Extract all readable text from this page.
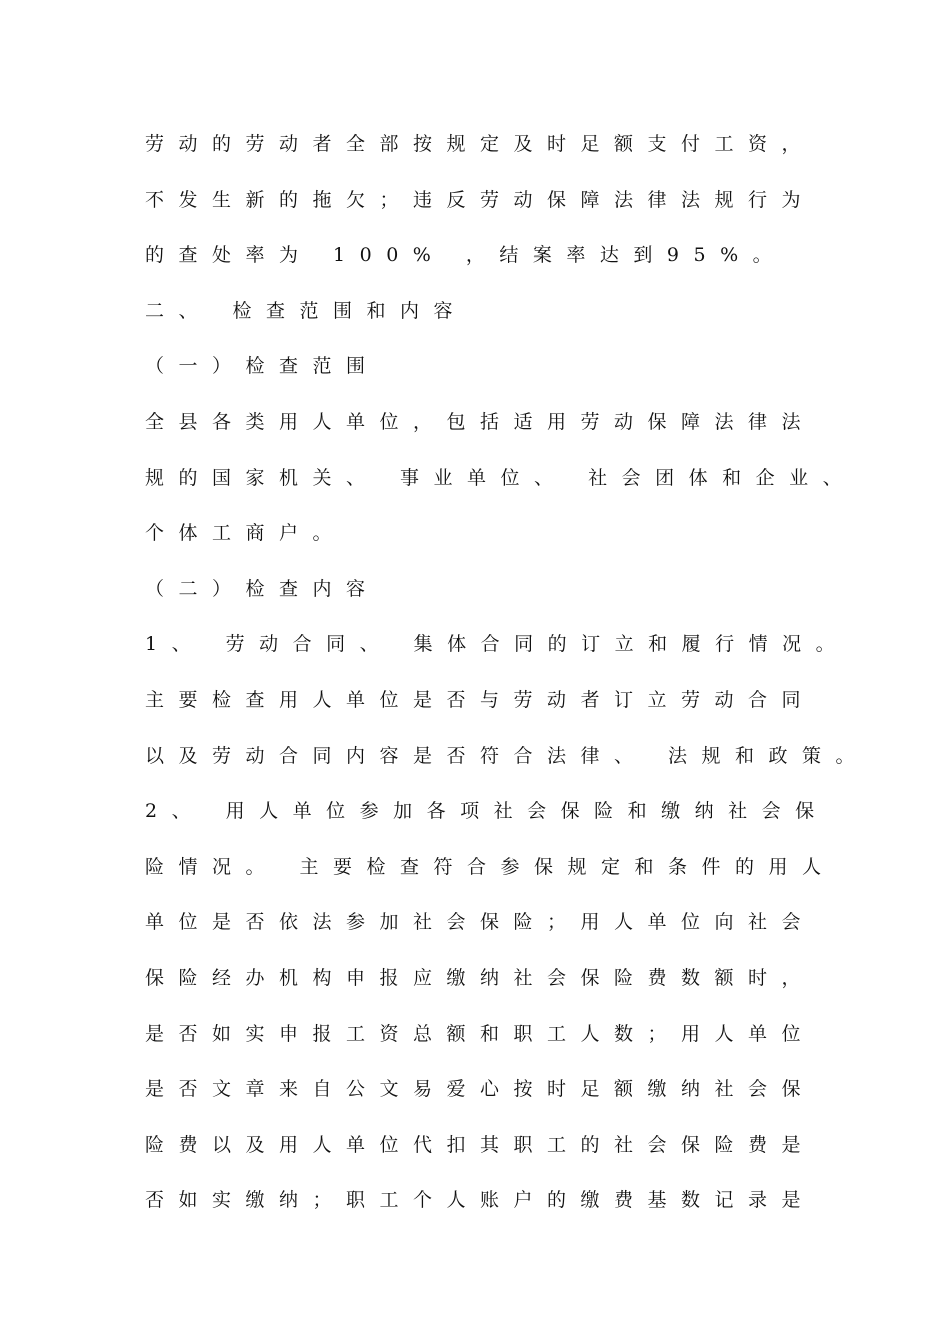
劳动的劳动者全部按规定及时足额支付工资，
不发生新的拖欠；违反劳动保障法律法规行为
的查处率为 100% ，结案率达到95%。
二、 检查范围和内容
（一）检查范围
全县各类用人单位，包括适用劳动保障法律法
规的国家机关、 事业单位、 社会团体和企业、
个体工商户。
（二）检查内容
1、 劳动合同、 集体合同的订立和履行情况。
主要检查用人单位是否与劳动者订立劳动合同
以及劳动合同内容是否符合法律、 法规和政策。
2、 用人单位参加各项社会保险和缴纳社会保
险情况。 主要检查符合参保规定和条件的用人
单位是否依法参加社会保险；用人单位向社会
保险经办机构申报应缴纳社会保险费数额时，
是否如实申报工资总额和职工人数；用人单位
是否文章来自公文易爱心按时足额缴纳社会保
险费以及用人单位代扣其职工的社会保险费是
否如实缴纳；职工个人账户的缴费基数记录是
